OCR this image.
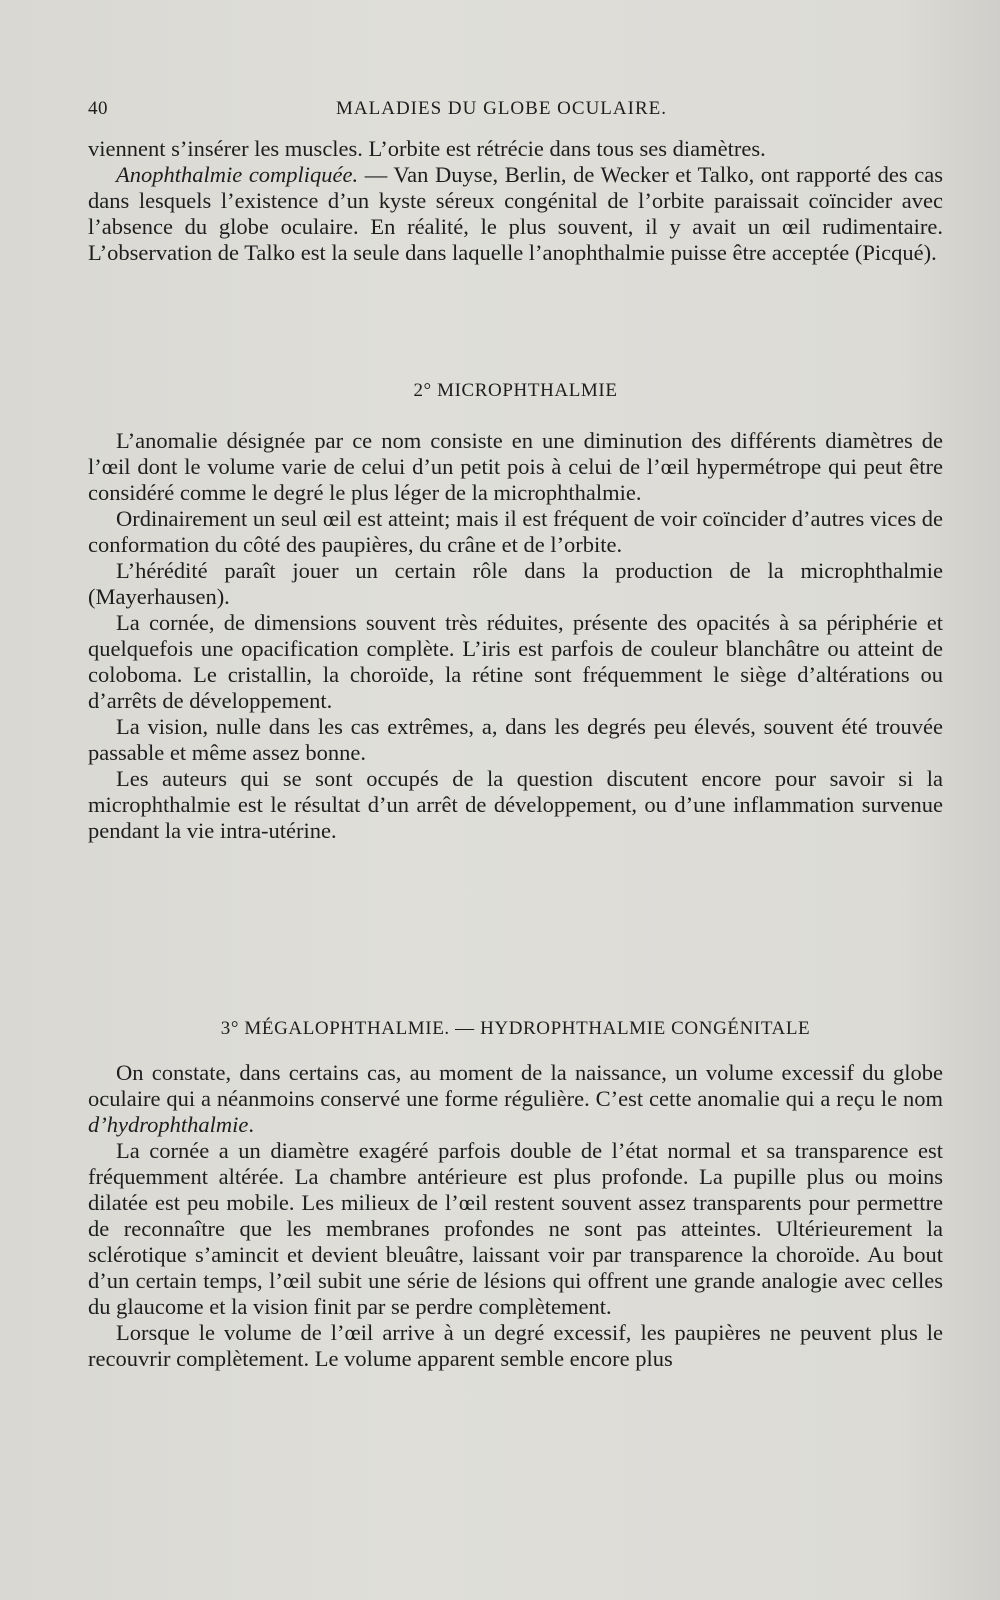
40	MALADIES DU GLOBE OCULAIRE.

viennent s’insérer les muscles. L’orbite est rétrécie dans tous ses diamètres.

Anophthalmie compliquée. — Van Duyse, Berlin, de Wecker et Talko, ont rapporté des cas dans lesquels l’existence d’un kyste séreux congénital de l’orbite paraissait coïncider avec l’absence du globe oculaire. En réalité, le plus souvent, il y avait un œil rudimentaire. L’observation de Talko est la seule dans laquelle l’anophthalmie puisse être acceptée (Picqué).

2° MICROPHTHALMIE

L’anomalie désignée par ce nom consiste en une diminution des différents diamètres de l’œil dont le volume varie de celui d’un petit pois à celui de l’œil hypermétrope qui peut être considéré comme le degré le plus léger de la microphthalmie.

Ordinairement un seul œil est atteint; mais il est fréquent de voir coïncider d’autres vices de conformation du côté des paupières, du crâne et de l’orbite.

L’hérédité paraît jouer un certain rôle dans la production de la microphthalmie (Mayerhausen).

La cornée, de dimensions souvent très réduites, présente des opacités à sa périphérie et quelquefois une opacification complète. L’iris est parfois de couleur blanchâtre ou atteint de coloboma. Le cristallin, la choroïde, la rétine sont fréquemment le siège d’altérations ou d’arrêts de développement.

La vision, nulle dans les cas extrêmes, a, dans les degrés peu élevés, souvent été trouvée passable et même assez bonne.

Les auteurs qui se sont occupés de la question discutent encore pour savoir si la microphthalmie est le résultat d’un arrêt de développement, ou d’une inflammation survenue pendant la vie intra-utérine.

3° MÉGALOPHTHALMIE. — HYDROPHTHALMIE CONGÉNITALE

On constate, dans certains cas, au moment de la naissance, un volume excessif du globe oculaire qui a néanmoins conservé une forme régulière. C’est cette anomalie qui a reçu le nom d’hydrophthalmie.

La cornée a un diamètre exagéré parfois double de l’état normal et sa transparence est fréquemment altérée. La chambre antérieure est plus profonde. La pupille plus ou moins dilatée est peu mobile. Les milieux de l’œil restent souvent assez transparents pour permettre de reconnaître que les membranes profondes ne sont pas atteintes. Ultérieurement la sclérotique s’amincit et devient bleuâtre, laissant voir par transparence la choroïde. Au bout d’un certain temps, l’œil subit une série de lésions qui offrent une grande analogie avec celles du glaucome et la vision finit par se perdre complètement.

Lorsque le volume de l’œil arrive à un degré excessif, les paupières ne peuvent plus le recouvrir complètement. Le volume apparent semble encore plus
